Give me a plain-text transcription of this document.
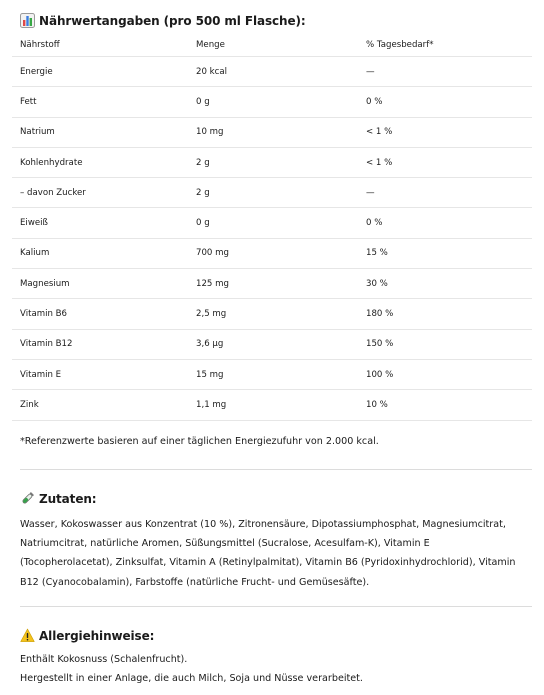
Nährwertangaben (pro 500 ml Flasche):
Nährstoff	Menge	% Tagesbedarf*
Energie	20 kcal	—
Fett	0 g	0 %
Natrium	10 mg	< 1 %
Kohlenhydrate	2 g	< 1 %
– davon Zucker	2 g	—
Eiweiß	0 g	0 %
Kalium	700 mg	15 %
Magnesium	125 mg	30 %
Vitamin B6	2,5 mg	180 %
Vitamin B12	3,6 µg	150 %
Vitamin E	15 mg	100 %
Zink	1,1 mg	10 %
*Referenzwerte basieren auf einer täglichen Energiezufuhr von 2.000 kcal.
Zutaten:
Wasser, Kokoswasser aus Konzentrat (10 %), Zitronensäure, Dipotassiumphosphat, Magnesiumcitrat, Natriumcitrat, natürliche Aromen, Süßungsmittel (Sucralose, Acesulfam-K), Vitamin E (Tocopherolacetat), Zinksulfat, Vitamin A (Retinylpalmitat), Vitamin B6 (Pyridoxinhydrochlorid), Vitamin B12 (Cyanocobalamin), Farbstoffe (natürliche Frucht- und Gemüsesäfte).
Allergiehinweise:
Enthält Kokosnuss (Schalenfrucht).
Hergestellt in einer Anlage, die auch Milch, Soja und Nüsse verarbeitet.
